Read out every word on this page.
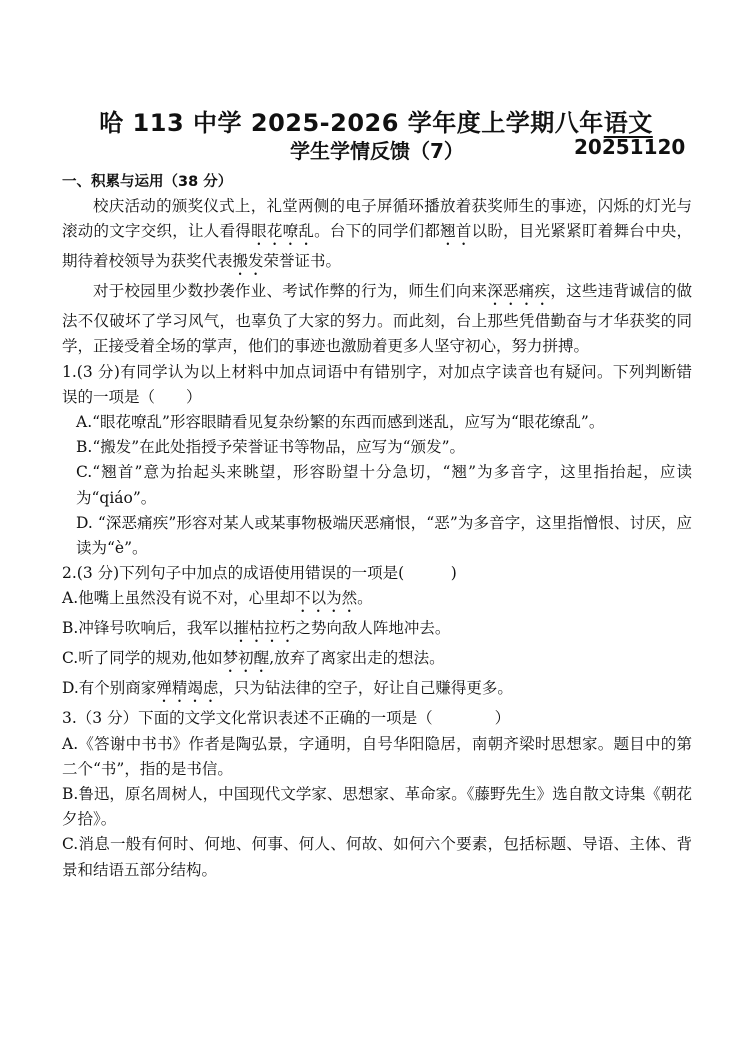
哈 113 中学 2025-2026 学年度上学期八年语文
学生学情反馈（7）	20251120
一、积累与运用（38 分）

校庆活动的颁奖仪式上，礼堂两侧的电子屏循环播放着获奖师生的事迹，闪烁的灯光与滚动的文字交织，让人看得眼花嘹乱。台下的同学们都翘首以盼，目光紧紧盯着舞台中央，期待着校领导为获奖代表搬发荣誉证书。

对于校园里少数抄袭作业、考试作弊的行为，师生们向来深恶痛疾，这些违背诚信的做法不仅破坏了学习风气，也辜负了大家的努力。而此刻，台上那些凭借勤奋与才华获奖的同学，正接受着全场的掌声，他们的事迹也激励着更多人坚守初心，努力拼搏。

1.(3 分)有同学认为以上材料中加点词语中有错别字，对加点字读音也有疑问。下列判断错误的一项是（　　）

A.“眼花嘹乱”形容眼睛看见复杂纷繁的东西而感到迷乱，应写为“眼花缭乱”。

B.“搬发”在此处指授予荣誉证书等物品，应写为“颁发”。

C.“翘首”意为抬起头来眺望，形容盼望十分急切，“翘”为多音字，这里指抬起，应读为“qiáo”。

D. “深恶痛疾”形容对某人或某事物极端厌恶痛恨，“恶”为多音字，这里指憎恨、讨厌，应读为“è”。

2.(3 分)下列句子中加点的成语使用错误的一项是(　　　)

A.他嘴上虽然没有说不对，心里却不以为然。

B.冲锋号吹响后，我军以摧枯拉朽之势向敌人阵地冲去。

C.听了同学的规劝,他如梦初醒,放弃了离家出走的想法。

D.有个别商家殚精竭虑，只为钻法律的空子，好让自己赚得更多。

3.（3 分）下面的文学文化常识表述不正确的一项是（　　　　）

A.《答谢中书书》作者是陶弘景，字通明，自号华阳隐居，南朝齐梁时思想家。题目中的第二个“书”，指的是书信。

B.鲁迅，原名周树人，中国现代文学家、思想家、革命家。《藤野先生》选自散文诗集《朝花夕拾》。

C.消息一般有何时、何地、何事、何人、何故、如何六个要素，包括标题、导语、主体、背景和结语五部分结构。
